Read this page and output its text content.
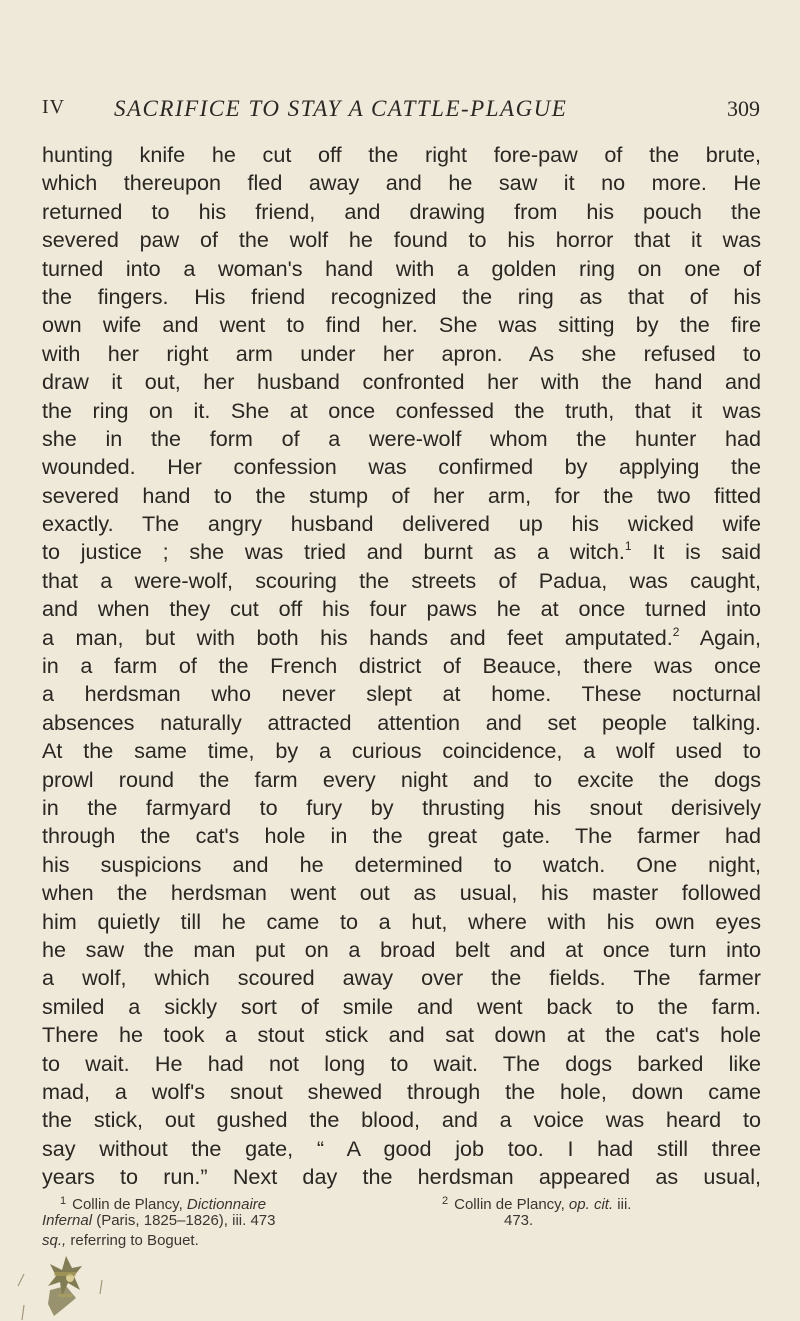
IV SACRIFICE TO STAY A CATTLE-PLAGUE	309
hunting knife he cut off the right fore-paw of the brute,
which thereupon fled away and he saw it no more. He
returned to his friend, and drawing from his pouch the
severed paw of the wolf he found to his horror that it was
turned into a woman's hand with a golden ring on one of
the fingers. His friend recognized the ring as that of his
own wife and went to find her. She was sitting by the fire
with her right arm under her apron. As she refused to
draw it out, her husband confronted her with the hand and
the ring on it. She at once confessed the truth, that it was
she in the form of a were-wolf whom the hunter had
wounded. Her confession was confirmed by applying the
severed hand to the stump of her arm, for the two fitted
exactly. The angry husband delivered up his wicked wife
to justice ; she was tried and burnt as a witch.$^1$ It is said
that a were-wolf, scouring the streets of Padua, was caught,
and when they cut off his four paws he at once turned into
a man, but with both his hands and feet amputated.$^2$ Again,
in a farm of the French district of Beauce, there was once
a herdsman who never slept at home. These nocturnal
absences naturally attracted attention and set people talking.
At the same time, by a curious coincidence, a wolf used to
prowl round the farm every night and to excite the dogs
in the farmyard to fury by thrusting his snout derisively
through the cat's hole in the great gate. The farmer had
his suspicions and he determined to watch. One night,
when the herdsman went out as usual, his master followed
him quietly till he came to a hut, where with his own eyes
he saw the man put on a broad belt and at once turn into
a wolf, which scoured away over the fields. The farmer
smiled a sickly sort of smile and went back to the farm.
There he took a stout stick and sat down at the cat's hole
to wait. He had not long to wait. The dogs barked like
mad, a wolf's snout shewed through the hole, down came
the stick, out gushed the blood, and a voice was heard to
say without the gate, “ A good job too. I had still three
years to run.” Next day the herdsman appeared as usual,
$^1$ Collin de Plancy, Dictionnaire	$^2$ Collin de Plancy, op. cit. iii.
Infernal (Paris, 1825–1826), iii. 473	473.
sq., referring to Boguet.
